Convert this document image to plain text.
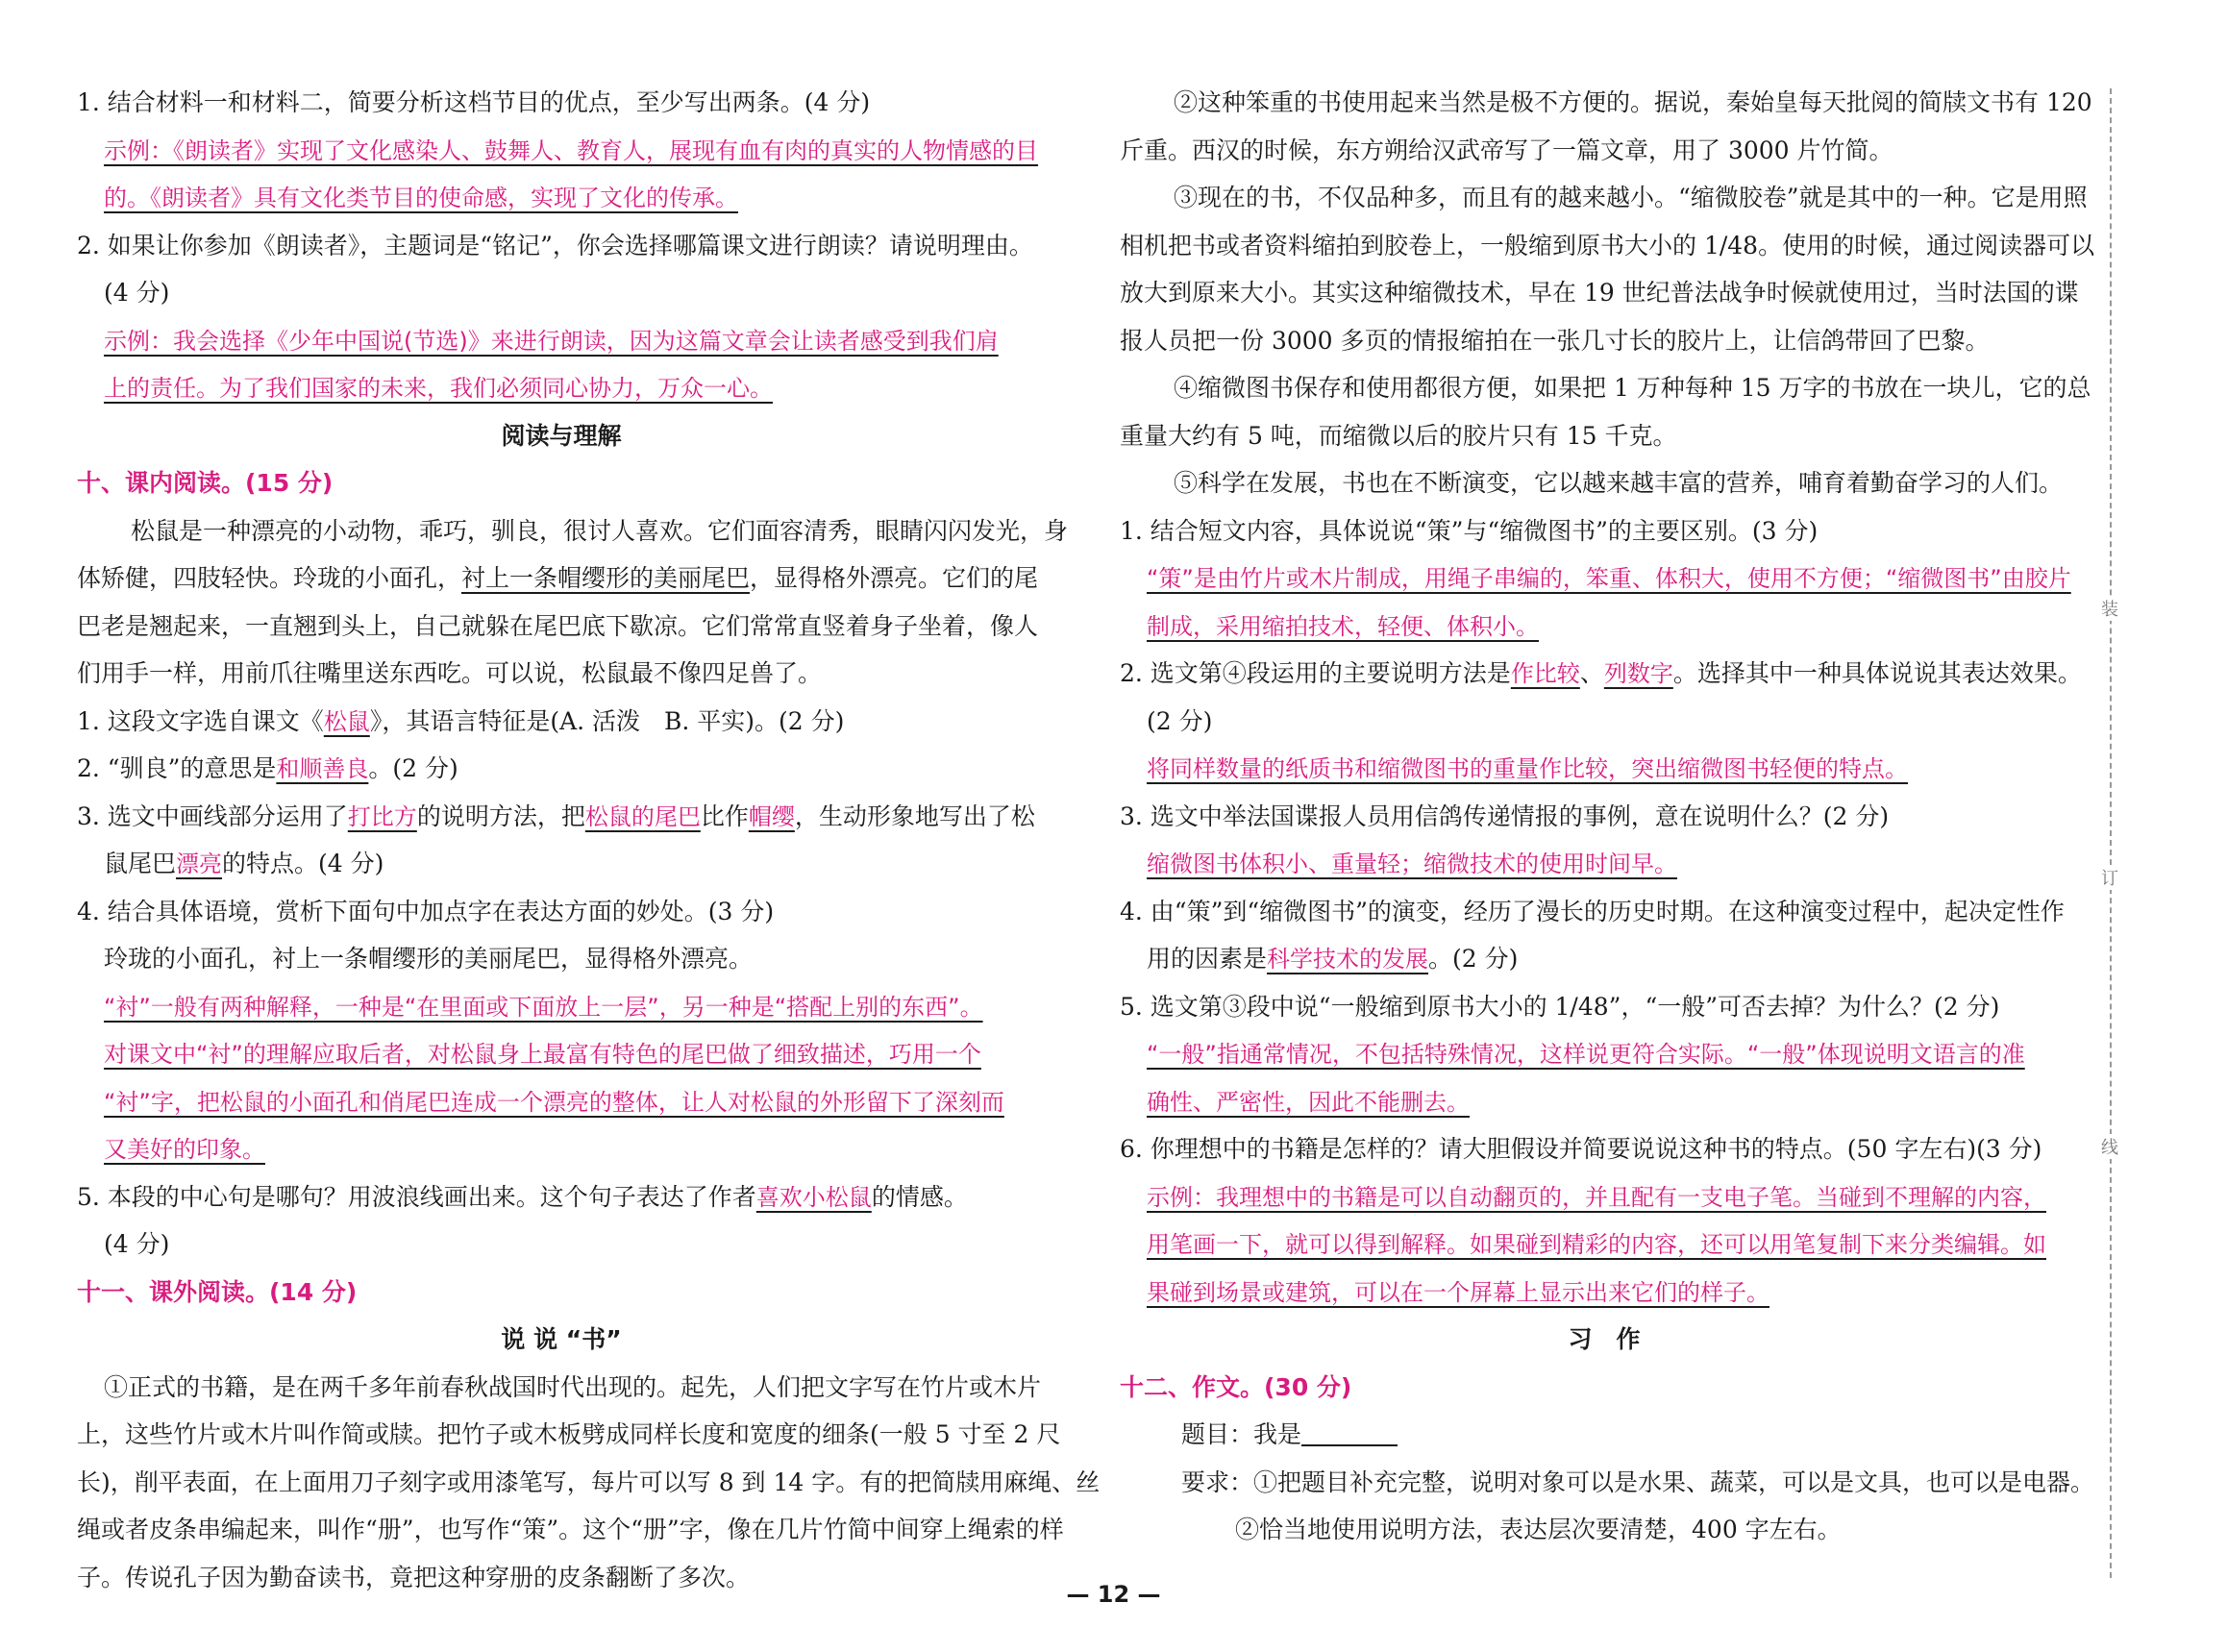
1. 结合材料一和材料二，简要分析这档节目的优点，至少写出两条。(4 分)
示例：《朗读者》实现了文化感染人、鼓舞人、教育人，展现有血有肉的真实的人物情感的目
的。《朗读者》具有文化类节目的使命感，实现了文化的传承。
2. 如果让你参加《朗读者》，主题词是“铭记”，你会选择哪篇课文进行朗读？请说明理由。
(4 分)
示例：我会选择《少年中国说(节选)》来进行朗读，因为这篇文章会让读者感受到我们肩
上的责任。为了我们国家的未来，我们必须同心协力，万众一心。
阅读与理解
十、课内阅读。(15 分)
松鼠是一种漂亮的小动物，乖巧，驯良，很讨人喜欢。它们面容清秀，眼睛闪闪发光，身
体矫健，四肢轻快。玲珑的小面孔，衬上一条帽缨形的美丽尾巴，显得格外漂亮。它们的尾
巴老是翘起来，一直翘到头上，自己就躲在尾巴底下歇凉。它们常常直竖着身子坐着，像人
们用手一样，用前爪往嘴里送东西吃。可以说，松鼠最不像四足兽了。
1. 这段文字选自课文《松鼠》，其语言特征是(A. 活泼　B. 平实)。(2 分)
2. “驯良”的意思是和顺善良。(2 分)
3. 选文中画线部分运用了打比方的说明方法，把松鼠的尾巴比作帽缨，生动形象地写出了松
鼠尾巴漂亮的特点。(4 分)
4. 结合具体语境，赏析下面句中加点字在表达方面的妙处。(3 分)
玲珑的小面孔，衬上一条帽缨形的美丽尾巴，显得格外漂亮。
“衬”一般有两种解释，一种是“在里面或下面放上一层”，另一种是“搭配上别的东西”。
对课文中“衬”的理解应取后者，对松鼠身上最富有特色的尾巴做了细致描述，巧用一个
“衬”字，把松鼠的小面孔和俏尾巴连成一个漂亮的整体，让人对松鼠的外形留下了深刻而
又美好的印象。
5. 本段的中心句是哪句？用波浪线画出来。这个句子表达了作者喜欢小松鼠的情感。
(4 分)
十一、课外阅读。(14 分)
说 说 “书”
①正式的书籍，是在两千多年前春秋战国时代出现的。起先，人们把文字写在竹片或木片
上，这些竹片或木片叫作简或牍。把竹子或木板劈成同样长度和宽度的细条(一般 5 寸至 2 尺
长)，削平表面，在上面用刀子刻字或用漆笔写，每片可以写 8 到 14 字。有的把简牍用麻绳、丝
绳或者皮条串编起来，叫作“册”，也写作“策”。这个“册”字，像在几片竹简中间穿上绳索的样
子。传说孔子因为勤奋读书，竟把这种穿册的皮条翻断了多次。
②这种笨重的书使用起来当然是极不方便的。据说，秦始皇每天批阅的简牍文书有 120
斤重。西汉的时候，东方朔给汉武帝写了一篇文章，用了 3000 片竹简。
③现在的书，不仅品种多，而且有的越来越小。“缩微胶卷”就是其中的一种。它是用照
相机把书或者资料缩拍到胶卷上，一般缩到原书大小的 1/48。使用的时候，通过阅读器可以
放大到原来大小。其实这种缩微技术，早在 19 世纪普法战争时候就使用过，当时法国的谍
报人员把一份 3000 多页的情报缩拍在一张几寸长的胶片上，让信鸽带回了巴黎。
④缩微图书保存和使用都很方便，如果把 1 万种每种 15 万字的书放在一块儿，它的总
重量大约有 5 吨，而缩微以后的胶片只有 15 千克。
⑤科学在发展，书也在不断演变，它以越来越丰富的营养，哺育着勤奋学习的人们。
1. 结合短文内容，具体说说“策”与“缩微图书”的主要区别。(3 分)
“策”是由竹片或木片制成，用绳子串编的，笨重、体积大，使用不方便；“缩微图书”由胶片
制成，采用缩拍技术，轻便、体积小。
2. 选文第④段运用的主要说明方法是作比较、列数字。选择其中一种具体说说其表达效果。
(2 分)
将同样数量的纸质书和缩微图书的重量作比较，突出缩微图书轻便的特点。
3. 选文中举法国谍报人员用信鸽传递情报的事例，意在说明什么？(2 分)
缩微图书体积小、重量轻；缩微技术的使用时间早。
4. 由“策”到“缩微图书”的演变，经历了漫长的历史时期。在这种演变过程中，起决定性作
用的因素是科学技术的发展。(2 分)
5. 选文第③段中说“一般缩到原书大小的 1/48”，“一般”可否去掉？为什么？(2 分)
“一般”指通常情况，不包括特殊情况，这样说更符合实际。“一般”体现说明文语言的准
确性、严密性，因此不能删去。
6. 你理想中的书籍是怎样的？请大胆假设并简要说说这种书的特点。(50 字左右)(3 分)
示例：我理想中的书籍是可以自动翻页的，并且配有一支电子笔。当碰到不理解的内容，
用笔画一下，就可以得到解释。如果碰到精彩的内容，还可以用笔复制下来分类编辑。如
果碰到场景或建筑，可以在一个屏幕上显示出来它们的样子。
习　作
十二、作文。(30 分)
题目：我是
要求：①把题目补充完整，说明对象可以是水果、蔬菜，可以是文具，也可以是电器。
②恰当地使用说明方法，表达层次要清楚，400 字左右。
装
订
线
— 12 —
